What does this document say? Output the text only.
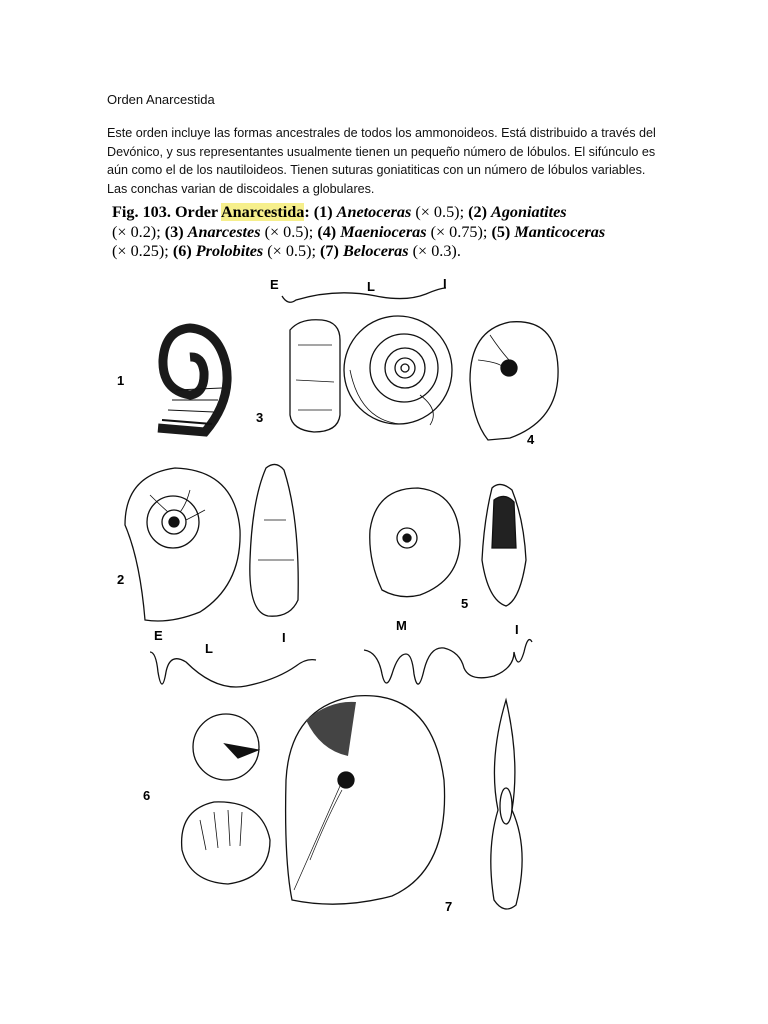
Orden Anarcestida
Este orden incluye las formas ancestrales de todos los ammonoideos. Está distribuido a través del
Devónico, y sus representantes usualmente tienen un pequeño número de lóbulos. El sifúnculo es
aún como el de los nautiloideos. Tienen suturas goniatiticas con un número de lóbulos variables.
Las conchas varian de discoidales a globulares.
Fig. 103. Order Anarcestida: (1) Anetoceras (× 0.5); (2) Agoniatites
(× 0.2); (3) Anarcestes (× 0.5); (4) Maenioceras (× 0.75); (5) Manticoceras
(× 0.25); (6) Prolobites (× 0.5); (7) Beloceras (× 0.3).
1
2
3
4
5
6
7
E	L	I
E
L
I
M	I
